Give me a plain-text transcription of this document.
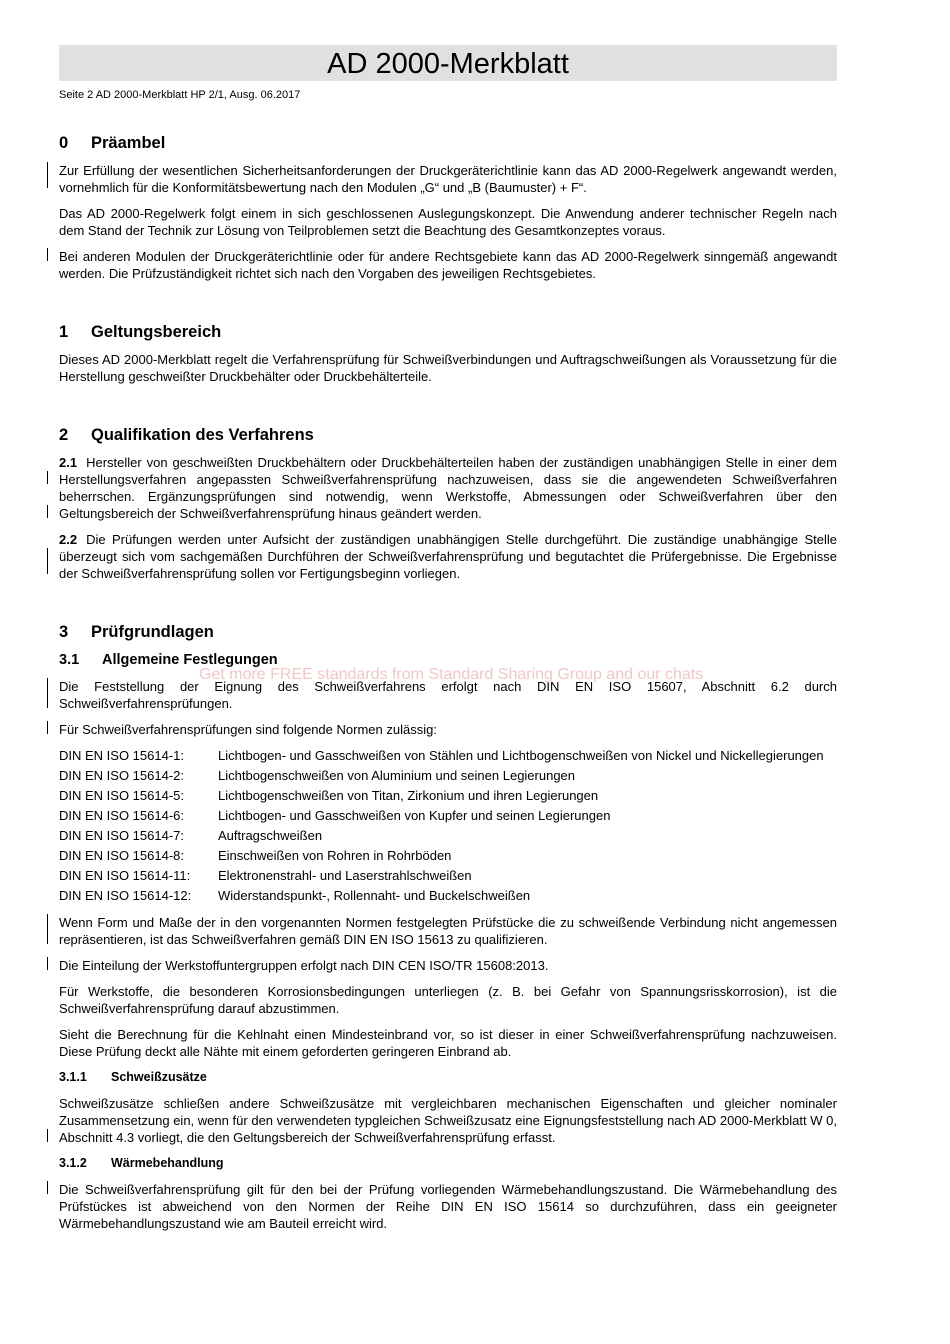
AD 2000-Merkblatt
Seite 2 AD 2000-Merkblatt HP 2/1, Ausg. 06.2017
0 Präambel
Zur Erfüllung der wesentlichen Sicherheitsanforderungen der Druckgeräterichtlinie kann das AD 2000-Regelwerk angewandt werden, vornehmlich für die Konformitätsbewertung nach den Modulen „G“ und „B (Baumuster) + F“.
Das AD 2000-Regelwerk folgt einem in sich geschlossenen Auslegungskonzept. Die Anwendung anderer technischer Regeln nach dem Stand der Technik zur Lösung von Teilproblemen setzt die Beachtung des Gesamtkonzeptes voraus.
Bei anderen Modulen der Druckgeräterichtlinie oder für andere Rechtsgebiete kann das AD 2000-Regelwerk sinngemäß angewandt werden. Die Prüfzuständigkeit richtet sich nach den Vorgaben des jeweiligen Rechtsgebietes.
1 Geltungsbereich
Dieses AD 2000-Merkblatt regelt die Verfahrensprüfung für Schweißverbindungen und Auftragschweißungen als Voraussetzung für die Herstellung geschweißter Druckbehälter oder Druckbehälterteile.
2 Qualifikation des Verfahrens
2.1 Hersteller von geschweißten Druckbehältern oder Druckbehälterteilen haben der zuständigen unabhängigen Stelle in einer dem Herstellungsverfahren angepassten Schweißverfahrensprüfung nachzuweisen, dass sie die angewendeten Schweißverfahren beherrschen. Ergänzungsprüfungen sind notwendig, wenn Werkstoffe, Abmessungen oder Schweißverfahren über den Geltungsbereich der Schweißverfahrensprüfung hinaus geändert werden.
2.2 Die Prüfungen werden unter Aufsicht der zuständigen unabhängigen Stelle durchgeführt. Die zuständige unabhängige Stelle überzeugt sich vom sachgemäßen Durchführen der Schweißverfahrensprüfung und begutachtet die Prüfergebnisse. Die Ergebnisse der Schweißverfahrensprüfung sollen vor Fertigungsbeginn vorliegen.
3 Prüfgrundlagen
3.1 Allgemeine Festlegungen
Die Feststellung der Eignung des Schweißverfahrens erfolgt nach DIN EN ISO 15607, Abschnitt 6.2 durch Schweißverfahrensprüfungen.
Für Schweißverfahrensprüfungen sind folgende Normen zulässig:
DIN EN ISO 15614-1:	Lichtbogen- und Gasschweißen von Stählen und Lichtbogenschweißen von Nickel und Nickellegierungen
DIN EN ISO 15614-2:	Lichtbogenschweißen von Aluminium und seinen Legierungen
DIN EN ISO 15614-5:	Lichtbogenschweißen von Titan, Zirkonium und ihren Legierungen
DIN EN ISO 15614-6:	Lichtbogen- und Gasschweißen von Kupfer und seinen Legierungen
DIN EN ISO 15614-7:	Auftragschweißen
DIN EN ISO 15614-8:	Einschweißen von Rohren in Rohrböden
DIN EN ISO 15614-11:	Elektronenstrahl- und Laserstrahlschweißen
DIN EN ISO 15614-12:	Widerstandspunkt-, Rollennaht- und Buckelschweißen
Wenn Form und Maße der in den vorgenannten Normen festgelegten Prüfstücke die zu schweißende Verbindung nicht angemessen repräsentieren, ist das Schweißverfahren gemäß DIN EN ISO 15613 zu qualifizieren.
Die Einteilung der Werkstoffuntergruppen erfolgt nach DIN CEN ISO/TR 15608:2013.
Für Werkstoffe, die besonderen Korrosionsbedingungen unterliegen (z. B. bei Gefahr von Spannungsrisskorrosion), ist die Schweißverfahrensprüfung darauf abzustimmen.
Sieht die Berechnung für die Kehlnaht einen Mindesteinbrand vor, so ist dieser in einer Schweißverfahrensprüfung nachzuweisen. Diese Prüfung deckt alle Nähte mit einem geforderten geringeren Einbrand ab.
3.1.1 Schweißzusätze
Schweißzusätze schließen andere Schweißzusätze mit vergleichbaren mechanischen Eigenschaften und gleicher nominaler Zusammensetzung ein, wenn für den verwendeten typgleichen Schweißzusatz eine Eignungsfeststellung nach AD 2000-Merkblatt W 0, Abschnitt 4.3 vorliegt, die den Geltungsbereich der Schweißverfahrensprüfung erfasst.
3.1.2 Wärmebehandlung
Die Schweißverfahrensprüfung gilt für den bei der Prüfung vorliegenden Wärmebehandlungszustand. Die Wärmebehandlung des Prüfstückes ist abweichend von den Normen der Reihe DIN EN ISO 15614 so durchzuführen, dass ein geeigneter Wärmebehandlungszustand wie am Bauteil erreicht wird.
Get more FREE standards from Standard Sharing Group and our chats
